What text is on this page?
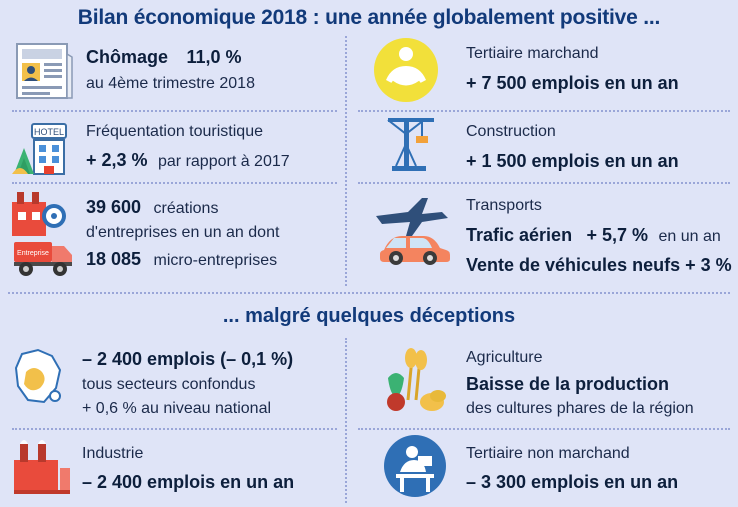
Bilan économique 2018 : une année globalement positive ...
... malgré quelques déceptions
Chômage 11,0 %
au 4ème trimestre 2018
HOTEL Fréquentation touristique
+ 2,3 % par rapport à 2017
Entreprise
39 600 créations
d'entreprises en un an dont
18 085 micro-entreprises
Tertiaire marchand
+ 7 500 emplois en un an
Construction
+ 1 500 emplois en un an
Transports
Trafic aérien + 5,7 % en un an
Vente de véhicules neufs + 3 %
– 2 400 emplois (– 0,1 %)
tous secteurs confondus
+ 0,6 % au niveau national
Industrie
– 2 400 emplois en un an
Agriculture
Baisse de la production
des cultures phares de la région
Tertiaire non marchand
– 3 300 emplois en un an
